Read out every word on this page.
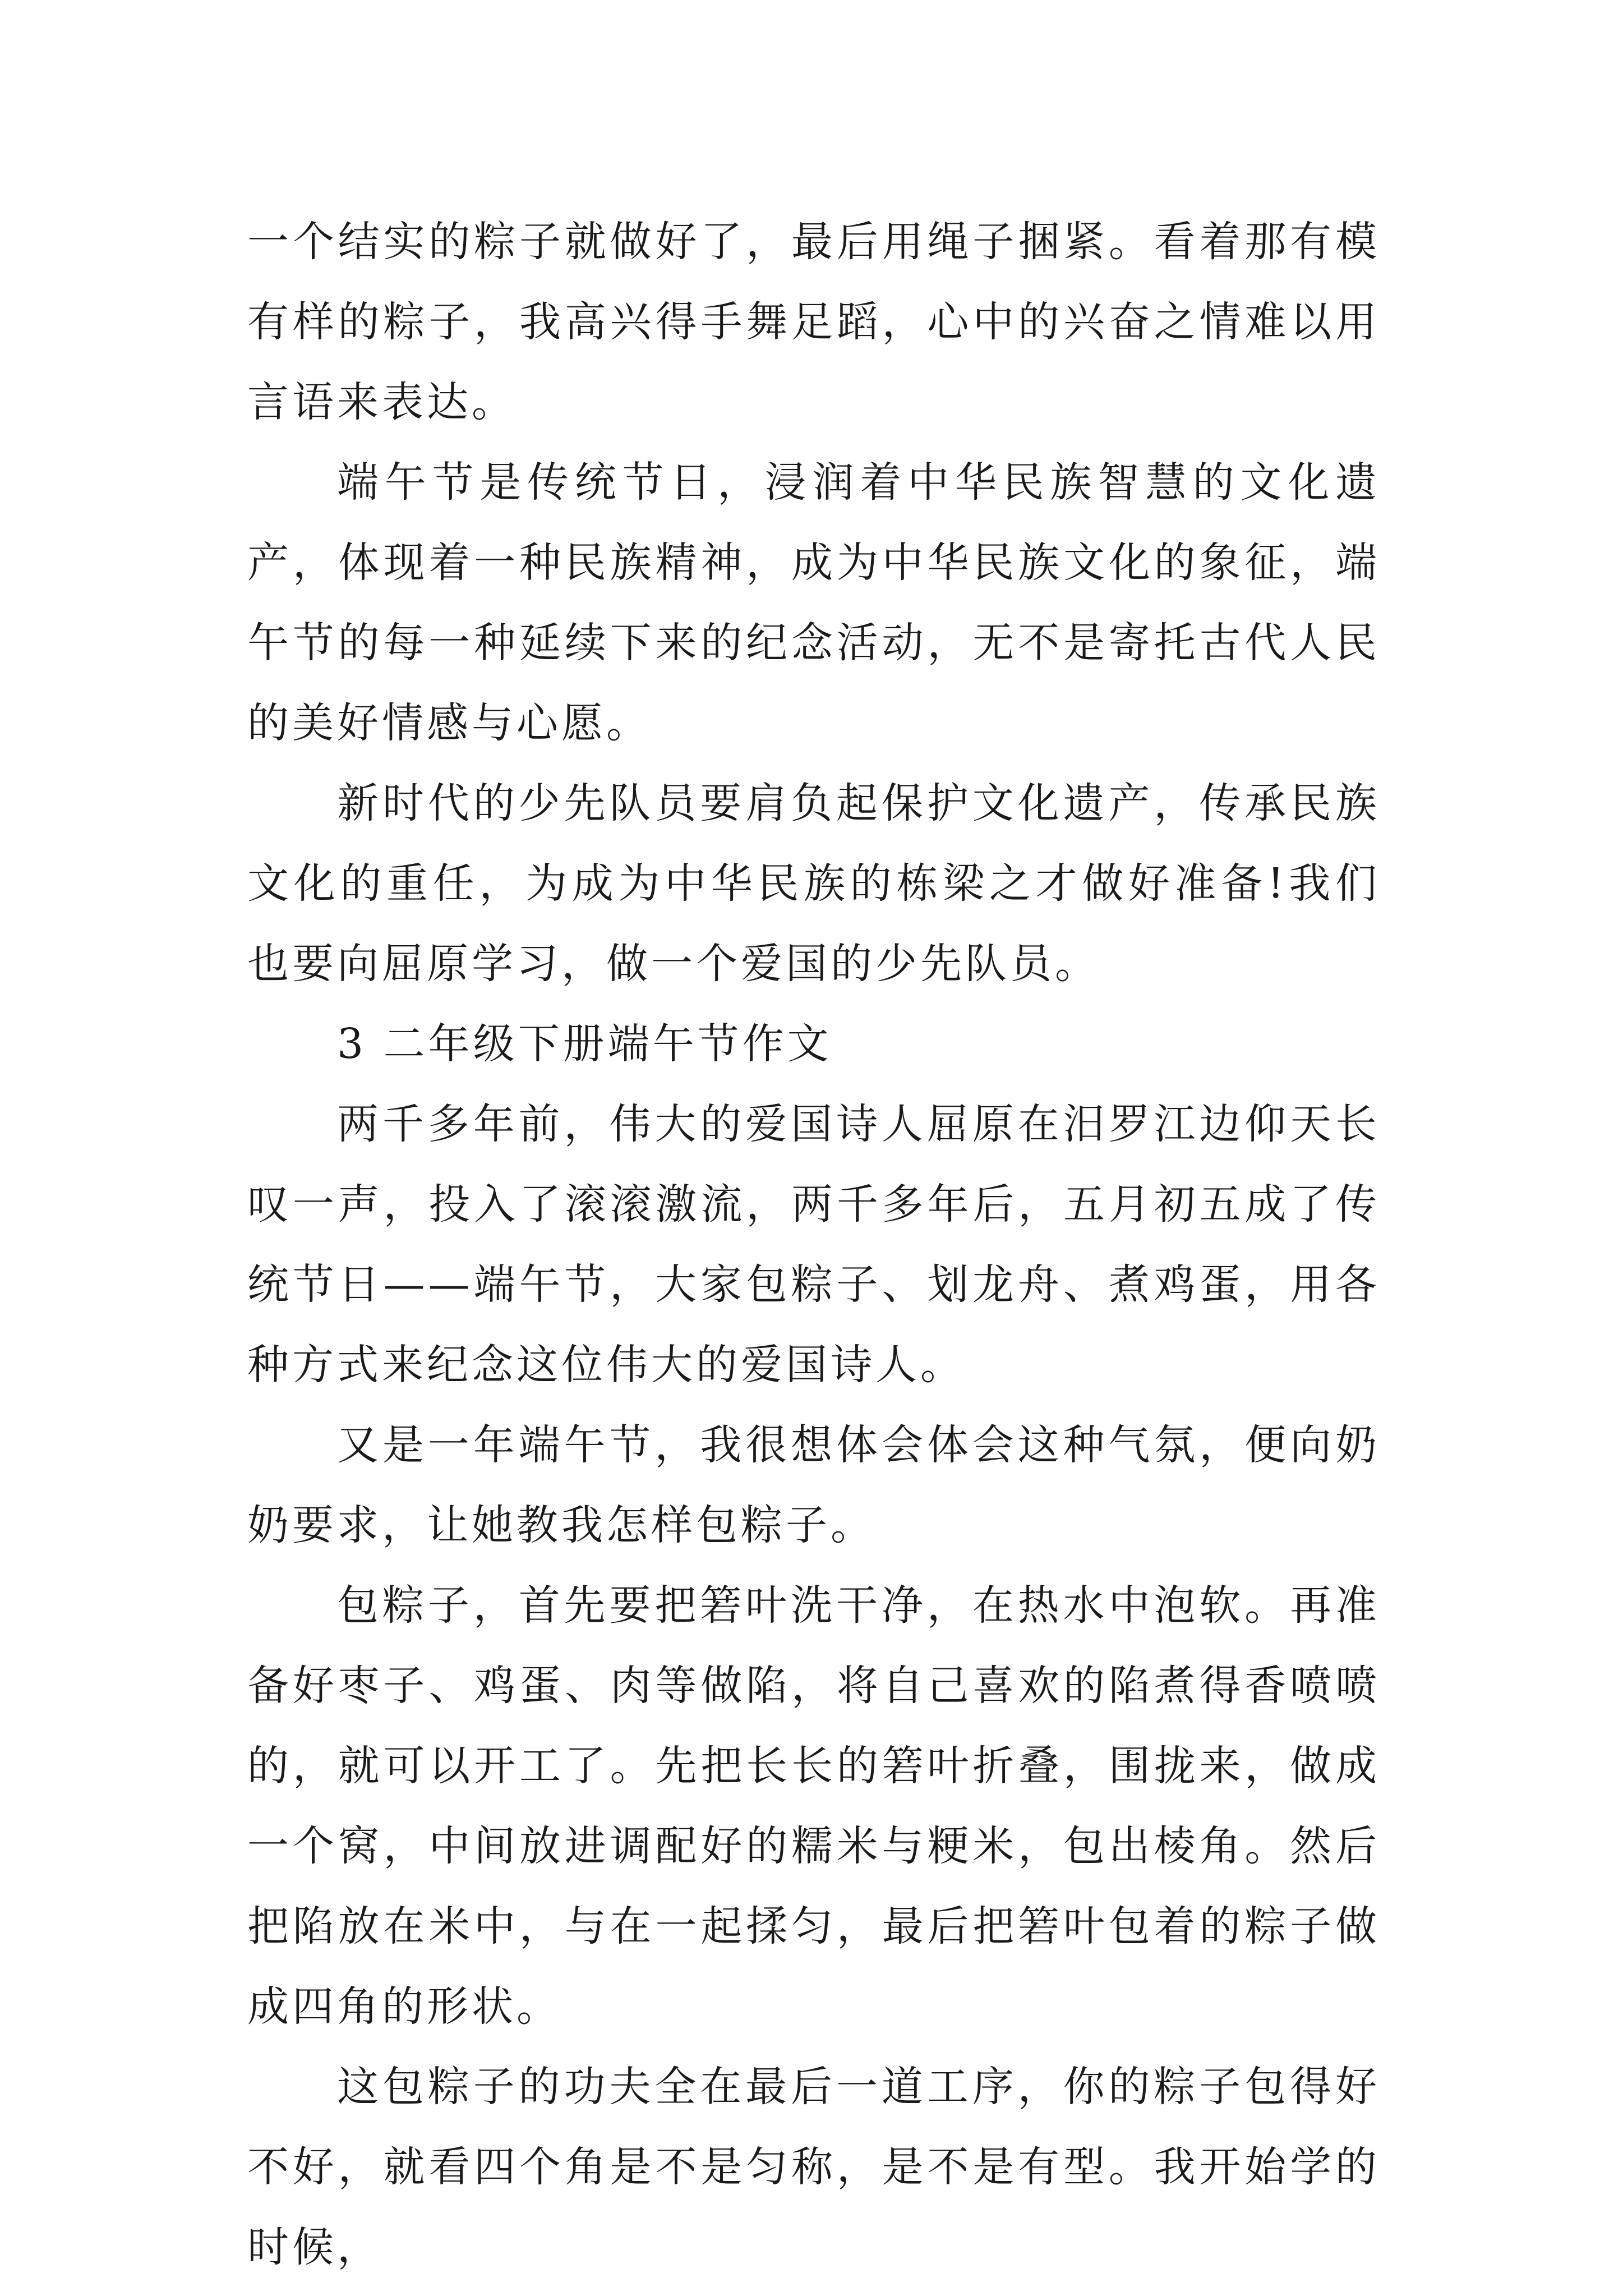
一个结实的粽子就做好了，最后用绳子捆紧。看着那有模有样的粽子，我高兴得手舞足蹈，心中的兴奋之情难以用言语来表达。

端午节是传统节日，浸润着中华民族智慧的文化遗产，体现着一种民族精神，成为中华民族文化的象征，端午节的每一种延续下来的纪念活动，无不是寄托古代人民的美好情感与心愿。

新时代的少先队员要肩负起保护文化遗产，传承民族文化的重任，为成为中华民族的栋梁之才做好准备!我们也要向屈原学习，做一个爱国的少先队员。

3 二年级下册端午节作文

两千多年前，伟大的爱国诗人屈原在汨罗江边仰天长叹一声，投入了滚滚激流，两千多年后，五月初五成了传统节日——端午节，大家包粽子、划龙舟、煮鸡蛋，用各种方式来纪念这位伟大的爱国诗人。

又是一年端午节，我很想体会体会这种气氛，便向奶奶要求，让她教我怎样包粽子。

包粽子，首先要把箬叶洗干净，在热水中泡软。再准备好枣子、鸡蛋、肉等做陷，将自己喜欢的陷煮得香喷喷的，就可以开工了。先把长长的箬叶折叠，围拢来，做成一个窝，中间放进调配好的糯米与粳米，包出棱角。然后把陷放在米中，与在一起揉匀，最后把箬叶包着的粽子做成四角的形状。

这包粽子的功夫全在最后一道工序，你的粽子包得好不好，就看四个角是不是匀称，是不是有型。我开始学的时候，
